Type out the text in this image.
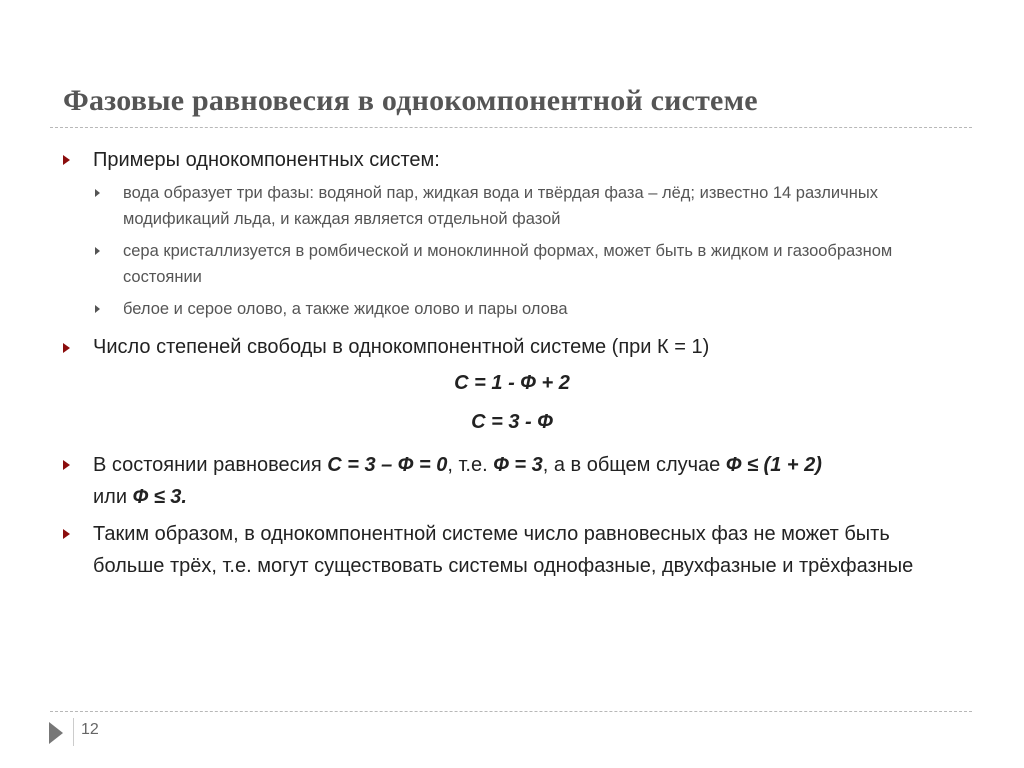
Фазовые равновесия в однокомпонентной системе
Примеры однокомпонентных систем:
вода образует три фазы: водяной пар, жидкая вода и твёрдая фаза – лёд; известно 14 различных модификаций льда, и каждая является отдельной фазой
сера кристаллизуется в ромбической и моноклинной формах, может быть в жидком и газообразном состоянии
белое и серое олово, а также жидкое олово и пары олова
Число степеней свободы в однокомпонентной системе (при К = 1)
С = 1 - Ф + 2
С = 3 - Ф
В состоянии равновесия С = 3 – Ф = 0, т.е. Ф = 3, а в общем случае Ф ≤ (1 + 2)
или Ф ≤ 3.
Таким образом, в однокомпонентной системе число равновесных фаз не может быть больше трёх, т.е. могут существовать системы однофазные, двухфазные и трёхфазные
12
